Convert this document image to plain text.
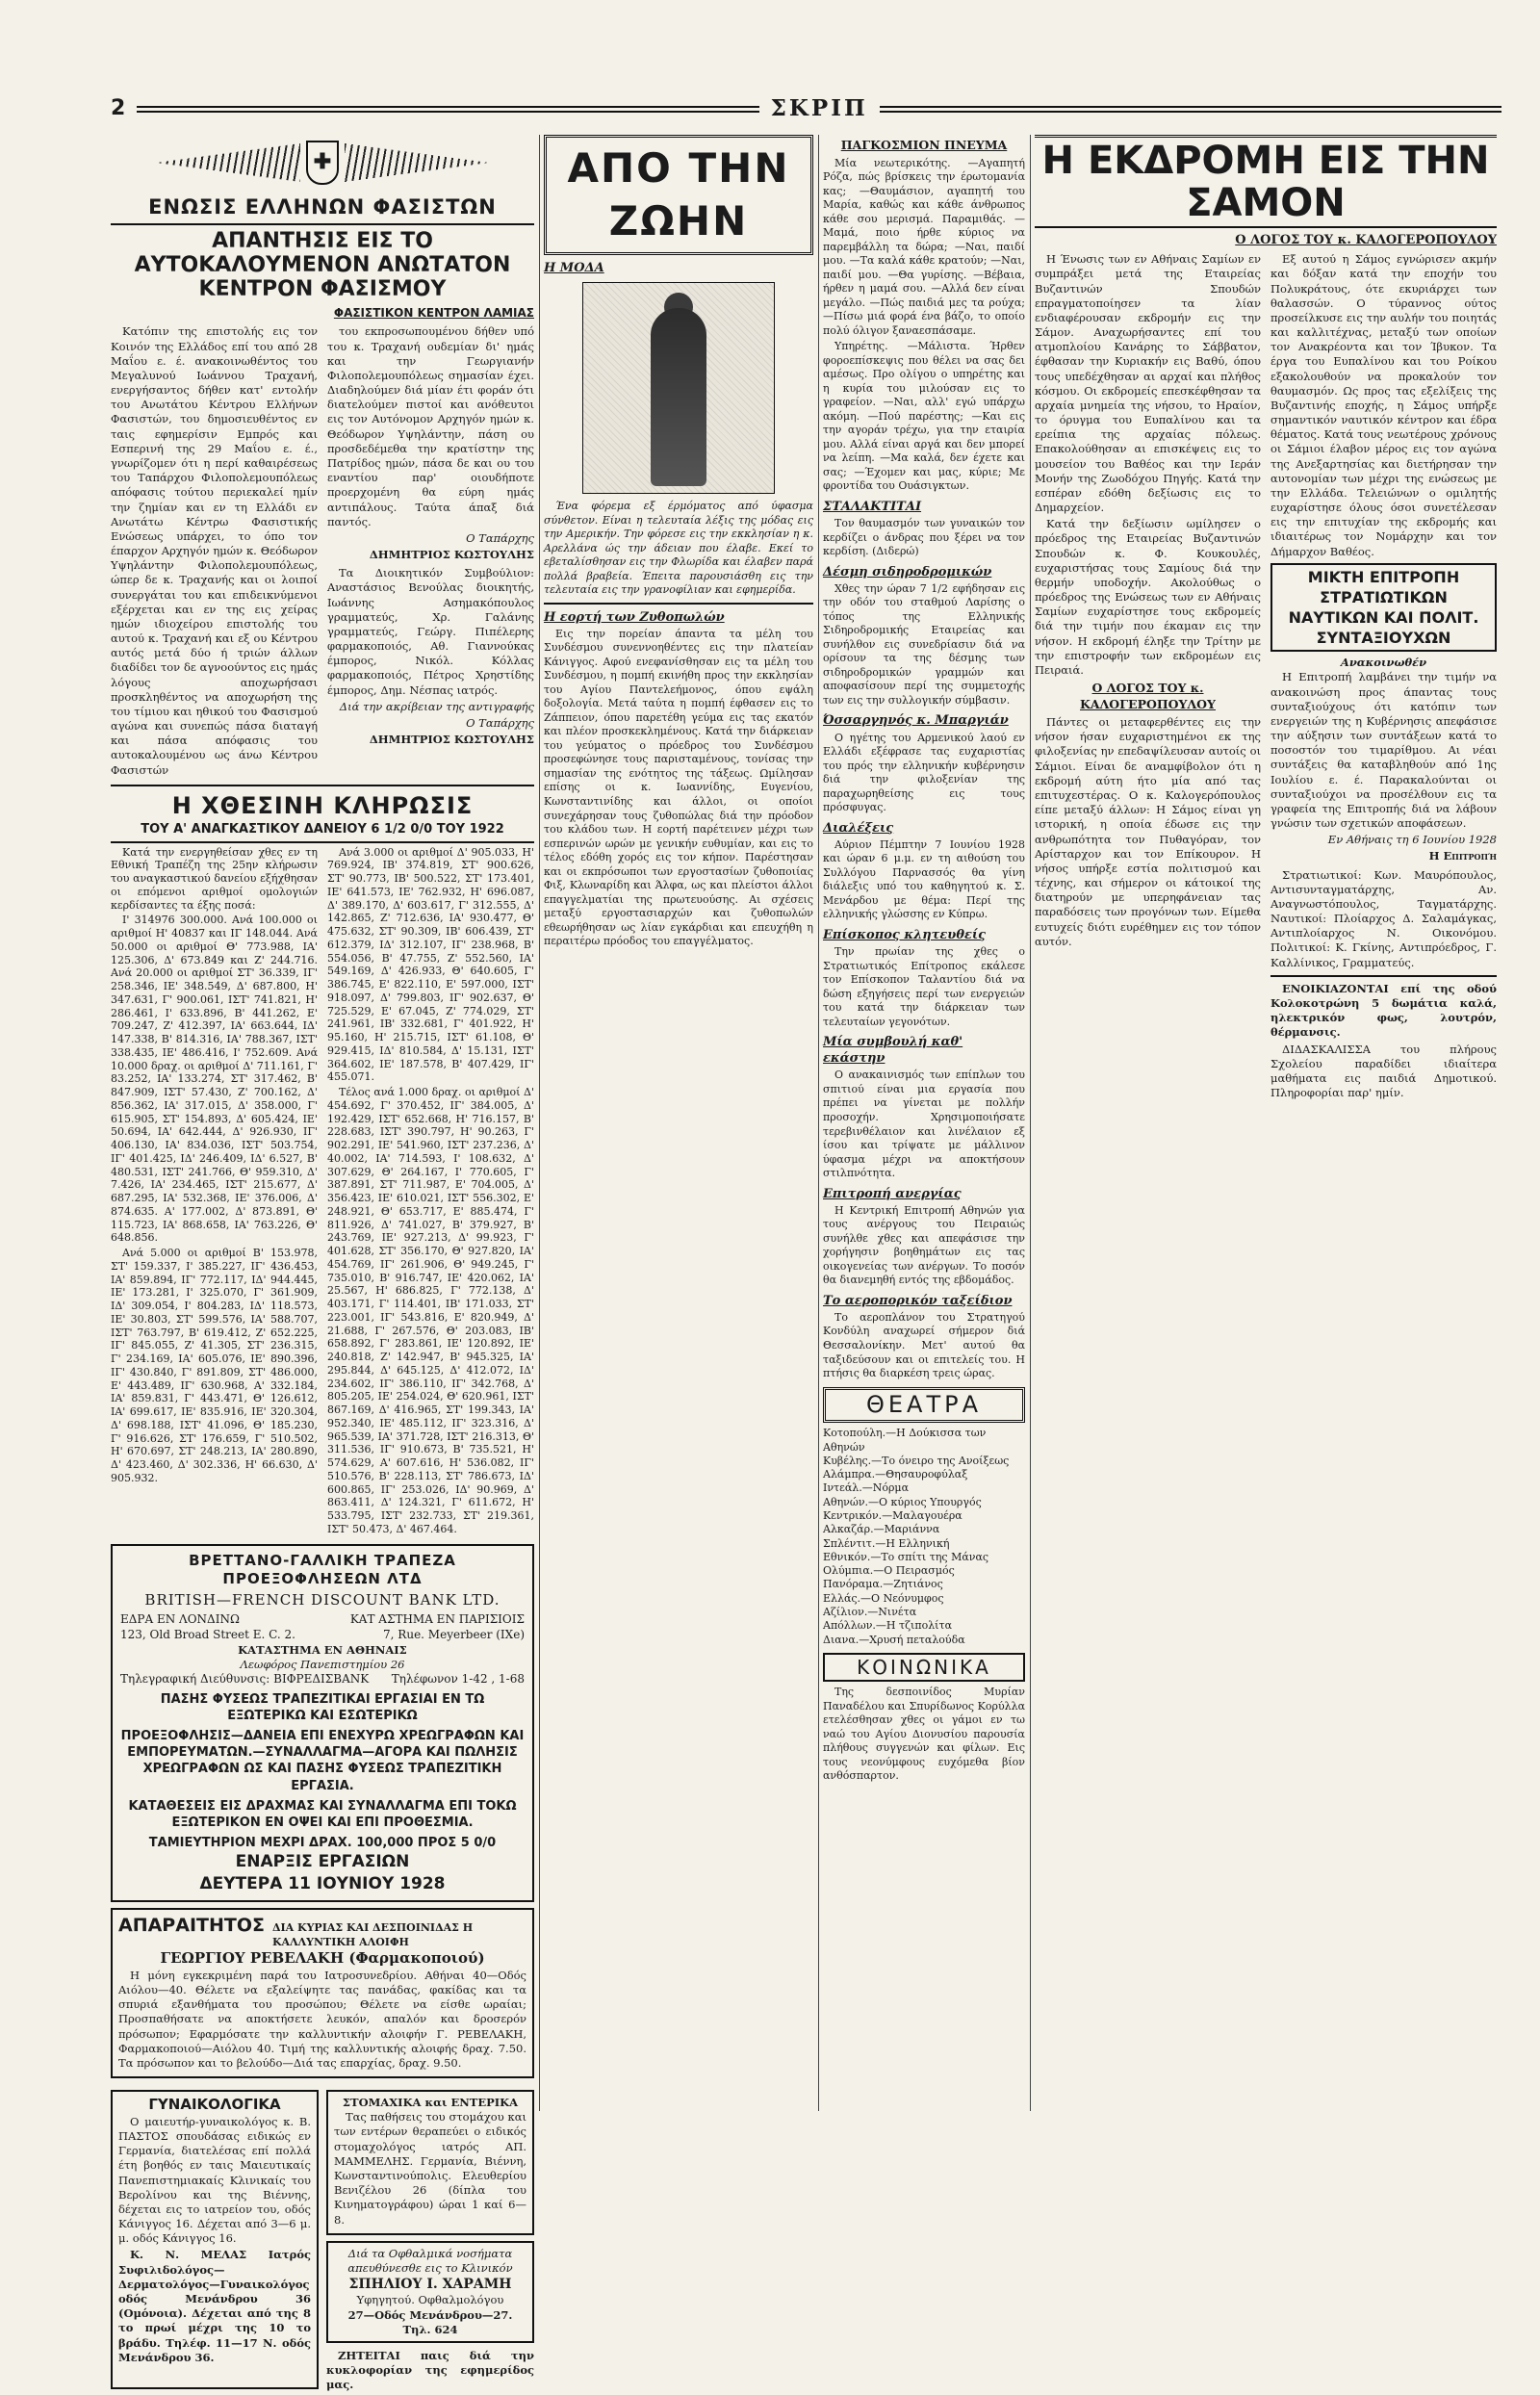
2	ΣΚΡΙΠ
✚
ΕΝΩΣΙΣ ΕΛΛΗΝΩΝ ΦΑΣΙΣΤΩΝ
ΑΠΑΝΤΗΣΙΣ ΕΙΣ ΤΟ ΑΥΤΟΚΑΛΟΥΜΕΝΟΝ ΑΝΩΤΑΤΟΝ ΚΕΝΤΡΟΝ ΦΑΣΙΣΜΟΥ
ΦΑΣΙΣΤΙΚΟΝ ΚΕΝΤΡΟΝ ΛΑΜΙΑΣ

Κατόπιν της επιστολής εις τον Κοινόν της Ελλάδος επί του από 28 Μαΐου ε. έ. ανακοινωθέντος του Μεγαλυνού Ιωάννου Τραχανή, ενεργήσαντος δήθεν κατ' εντολήν του Ανωτάτου Κέντρου Ελλήνων Φασιστών, του δημοσιευθέντος εν ταις εφημερίσιν Εμπρός και Εσπερινή της 29 Μαΐου ε. έ., γνωρίζομεν ότι η περί καθαιρέσεως του Ταπάρχου Φιλοπολεμουπόλεως απόφασις τούτου περιεκαλεί ημίν την ζημίαν και εν τη Ελλάδι εν Ανωτάτω Κέντρω Φασιστικής Ενώσεως υπάρχει, το όπο τον έπαρχον Αρχηγόν ημών κ. Θεόδωρον Υψηλάντην Φιλοπολεμουπόλεως, ώπερ δε κ. Τραχανής και οι λοιποί συνεργάται του και επιδεικνύμενοι εξέρχεται και εν της εις χείρας ημών ιδιοχείρου επιστολής του αυτού κ. Τραχανή και εξ ου Κέντρου αυτός μετά δύο ή τριών άλλων διαδίδει τον δε αγνοούντος εις ημάς λόγους αποχωρήσασι προσκληθέντος να αποχωρήση της του τίμιου και ηθικού του Φασισμού αγώνα και συνεπώς πάσα διαταγή και πάσα απόφασις του αυτοκαλουμένου ως άνω Κέντρου Φασιστών

του εκπροσωπουμένου δήθεν υπό του κ. Τραχανή ουδεμίαν δι' ημάς και την Γεωργιανήν Φιλοπολεμουπόλεως σημασίαν έχει. Διαδηλούμεν διά μίαν έτι φοράν ότι διατελούμεν πιστοί και ανόθευτοι εις τον Αυτόνομον Αρχηγόν ημών κ. Θεόδωρον Υψηλάντην, πάση ου προσδεδέμεθα την κρατίστην της Πατρίδος ημών, πάσα δε και ου του εναντίου παρ' οιουδήποτε προερχομένη θα εύρη ημάς αντιπάλους. Ταύτα άπαξ διά παντός.

Ο Ταπάρχης
ΔΗΜΗΤΡΙΟΣ ΚΩΣΤΟΥΛΗΣ

Τα Διοικητικόν Συμβούλιον: Αναστάσιος Βενούλας διοικητής, Ιωάννης Ασημακόπουλος γραμματεύς, Χρ. Γαλάνης γραμματεύς, Γεώργ. Πιπέλερης φαρμακοποιός, Αθ. Γιαννούκας έμπορος, Νικόλ. Κόλλας φαρμακοποιός, Πέτρος Χρηστίδης έμπορος, Δημ. Νέσπας ιατρός.

Διά την ακρίβειαν της αντιγραφής
Ο Ταπάρχης
ΔΗΜΗΤΡΙΟΣ ΚΩΣΤΟΥΛΗΣ
Η ΧΘΕΣΙΝΗ ΚΛΗΡΩΣΙΣ
ΤΟΥ Α' ΑΝΑΓΚΑΣΤΙΚΟΥ ΔΑΝΕΙΟΥ 6 1/2 0/0 ΤΟΥ 1922

Κατά την ενεργηθείσαν χθες εν τη Εθνική Τραπέζη της 25ην κλήρωσιν του αναγκαστικού δανείου εξήχθησαν οι επόμενοι αριθμοί ομολογιών κερδίσαντες τα έξης ποσά:

Ι' 314976 300.000. Ανά 100.000 οι αριθμοί Η' 40837 και ΙΓ 148.044. Ανά 50.000 οι αριθμοί Θ' 773.988, ΙΑ' 125.306, Δ' 673.849 και Ζ' 244.716. Ανά 20.000 οι αριθμοί ΣΤ' 36.339, ΙΓ' 258.346, ΙΕ' 348.549, Δ' 687.800, Η' 347.631, Γ' 900.061, ΙΣΤ' 741.821, Η' 286.461, Ι' 633.896, Β' 441.262, Ε' 709.247, Ζ' 412.397, ΙΑ' 663.644, ΙΔ' 147.338, Β' 814.316, ΙΑ' 788.367, ΙΣΤ' 338.435, ΙΕ' 486.416, Ι' 752.609. Ανά 10.000 δραχ. οι αριθμοί Δ' 711.161, Γ' 83.252, ΙΑ' 133.274, ΣΤ' 317.462, Β' 847.909, ΙΣΤ' 57.430, Ζ' 700.162, Δ' 856.362, ΙΑ' 317.015, Δ' 358.000, Γ' 615.905, ΣΤ' 154.893, Δ' 605.424, ΙΕ' 50.694, ΙΑ' 642.444, Δ' 926.930, ΙΓ' 406.130, ΙΑ' 834.036, ΙΣΤ' 503.754, ΙΓ' 401.425, ΙΔ' 246.409, ΙΔ' 6.527, Β' 480.531, ΙΣΤ' 241.766, Θ' 959.310, Δ' 7.426, ΙΑ' 234.465, ΙΣΤ' 215.677, Δ' 687.295, ΙΑ' 532.368, ΙΕ' 376.006, Δ' 874.635. Α' 177.002, Δ' 873.891, Θ' 115.723, ΙΑ' 868.658, ΙΑ' 763.226, Θ' 648.856.

Ανά 5.000 οι αριθμοί Β' 153.978, ΣΤ' 159.337, Ι' 385.227, ΙΓ' 436.453, ΙΑ' 859.894, ΙΓ' 772.117, ΙΔ' 944.445, ΙΕ' 173.281, Ι' 325.070, Γ' 361.909, ΙΔ' 309.054, Ι' 804.283, ΙΔ' 118.573, ΙΕ' 30.803, ΣΤ' 599.576, ΙΑ' 588.707, ΙΣΤ' 763.797, Β' 619.412, Ζ' 652.225, ΙΓ' 845.055, Ζ' 41.305, ΣΤ' 236.315, Γ' 234.169, ΙΑ' 605.076, ΙΕ' 890.396, ΙΓ' 430.840, Γ' 891.809, ΣΤ' 486.000, Ε' 443.489, ΙΓ' 630.968, Α' 332.184, ΙΑ' 859.831, Γ' 443.471, Θ' 126.612, ΙΑ' 699.617, ΙΕ' 835.916, ΙΕ' 320.304, Δ' 698.188, ΙΣΤ' 41.096, Θ' 185.230, Γ' 916.626, ΣΤ' 176.659, Γ' 510.502, Η' 670.697, ΣΤ' 248.213, ΙΑ' 280.890, Δ' 423.460, Δ' 302.336, Η' 66.630, Δ' 905.932.

Ανά 3.000 οι αριθμοί Δ' 905.033, Η' 769.924, ΙΒ' 374.819, ΣΤ' 900.626, ΣΤ' 90.773, ΙΒ' 500.522, ΣΤ' 173.401, ΙΕ' 641.573, ΙΕ' 762.932, Η' 696.087, Δ' 389.170, Δ' 603.617, Γ' 312.555, Δ' 142.865, Ζ' 712.636, ΙΑ' 930.477, Θ' 475.632, ΣΤ' 90.309, ΙΒ' 606.439, ΣΤ' 612.379, ΙΔ' 312.107, ΙΓ' 238.968, Β' 554.056, Β' 47.755, Ζ' 552.560, ΙΑ' 549.169, Δ' 426.933, Θ' 640.605, Γ' 386.745, Ε' 822.110, Ε' 597.000, ΙΣΤ' 918.097, Δ' 799.803, ΙΓ' 902.637, Θ' 725.529, Ε' 67.045, Ζ' 774.029, ΣΤ' 241.961, ΙΒ' 332.681, Γ' 401.922, Η' 95.160, Η' 215.715, ΙΣΤ' 61.108, Θ' 929.415, ΙΔ' 810.584, Δ' 15.131, ΙΣΤ' 364.602, ΙΕ' 187.578, Β' 407.429, ΙΓ' 455.071.

Τέλος ανά 1.000 δραχ. οι αριθμοί Δ' 454.692, Γ' 370.452, ΙΓ' 384.005, Δ' 192.429, ΙΣΤ' 652.668, Η' 716.157, Β' 228.683, ΙΣΤ' 390.797, Η' 90.263, Γ' 902.291, ΙΕ' 541.960, ΙΣΤ' 237.236, Δ' 40.002, ΙΑ' 714.593, Ι' 108.632, Δ' 307.629, Θ' 264.167, Ι' 770.605, Γ' 387.891, ΣΤ' 711.987, Ε' 704.005, Δ' 356.423, ΙΕ' 610.021, ΙΣΤ' 556.302, Ε' 248.921, Θ' 653.717, Ε' 885.474, Γ' 811.926, Δ' 741.027, Β' 379.927, Β' 243.769, ΙΕ' 927.213, Δ' 99.923, Γ' 401.628, ΣΤ' 356.170, Θ' 927.820, ΙΑ' 454.769, ΙΓ' 261.906, Θ' 949.245, Γ' 735.010, Β' 916.747, ΙΕ' 420.062, ΙΑ' 25.567, Η' 686.825, Γ' 772.138, Δ' 403.171, Γ' 114.401, ΙΒ' 171.033, ΣΤ' 223.001, ΙΓ' 543.816, Ε' 820.949, Δ' 21.688, Γ' 267.576, Θ' 203.083, ΙΒ' 658.892, Γ' 283.861, ΙΕ' 120.892, ΙΕ' 240.818, Ζ' 142.947, Β' 945.325, ΙΑ' 295.844, Δ' 645.125, Δ' 412.072, ΙΔ' 234.602, ΙΓ' 386.110, ΙΓ' 342.768, Δ' 805.205, ΙΕ' 254.024, Θ' 620.961, ΙΣΤ' 867.169, Δ' 416.965, ΣΤ' 199.343, ΙΑ' 952.340, ΙΕ' 485.112, ΙΓ' 323.316, Δ' 965.539, ΙΑ' 371.728, ΙΣΤ' 216.313, Θ' 311.536, ΙΓ' 910.673, Β' 735.521, Η' 574.629, Α' 607.616, Η' 536.082, ΙΓ' 510.576, Β' 228.113, ΣΤ' 786.673, ΙΔ' 600.865, ΙΓ' 253.026, ΙΔ' 90.969, Δ' 863.411, Δ' 124.321, Γ' 611.672, Η' 533.795, ΙΣΤ' 232.733, ΣΤ' 219.361, ΙΣΤ' 50.473, Δ' 467.464.

ΒΡΕΤΤΑΝΟ-ΓΑΛΛΙΚΗ ΤΡΑΠΕΖΑ ΠΡΟΕΞΟΦΛΗΣΕΩΝ ΛΤΔ
BRITISH—FRENCH DISCOUNT BANK LTD.
ΕΔΡΑ ΕΝ ΛΟΝΔΙΝΩ	ΚΑΤ ΑΣΤΗΜΑ ΕΝ ΠΑΡΙΣΙΟΙΣ
123, Old Broad Street E. C. 2.	7, Rue. Meyerbeer (IXe)
ΚΑΤΑΣΤΗΜΑ ΕΝ ΑΘΗΝΑΙΣ
Λεωφόρος Πανεπιστημίου 26
Τηλεγραφική Διεύθυνσις: ΒΙΦΡΕΔΙΣΒΑΝΚ Τηλέφωνον 1-42 , 1-68
ΠΑΣΗΣ ΦΥΣΕΩΣ ΤΡΑΠΕΖΙΤΙΚΑΙ ΕΡΓΑΣΙΑΙ ΕΝ ΤΩ ΕΞΩΤΕΡΙΚΩ ΚΑΙ ΕΣΩΤΕΡΙΚΩ
ΠΡΟΕΞΟΦΛΗΣΙΣ—ΔΑΝΕΙΑ ΕΠΙ ΕΝΕΧΥΡΩ ΧΡΕΩΓΡΑΦΩΝ ΚΑΙ ΕΜΠΟΡΕΥΜΑΤΩΝ.—ΣΥΝΑΛΛΑΓΜΑ—ΑΓΟΡΑ ΚΑΙ ΠΩΛΗΣΙΣ ΧΡΕΩΓΡΑΦΩΝ ΩΣ ΚΑΙ ΠΑΣΗΣ ΦΥΣΕΩΣ ΤΡΑΠΕΖΙΤΙΚΗ ΕΡΓΑΣΙΑ.
ΚΑΤΑΘΕΣΕΙΣ ΕΙΣ ΔΡΑΧΜΑΣ ΚΑΙ ΣΥΝΑΛΛΑΓΜΑ ΕΠΙ ΤΟΚΩ ΕΞΩΤΕΡΙΚΟΝ ΕΝ ΟΨΕΙ ΚΑΙ ΕΠΙ ΠΡΟΘΕΣΜΙΑ.
ΤΑΜΙΕΥΤΗΡΙΟΝ ΜΕΧΡΙ ΔΡΑΧ. 100,000 ΠΡΟΣ 5 0/0
ΕΝΑΡΞΙΣ ΕΡΓΑΣΙΩΝ
ΔΕΥΤΕΡΑ 11 ΙΟΥΝΙΟΥ 1928
ΑΠΑΡΑΙΤΗΤΟΣ ΔΙΑ ΚΥΡΙΑΣ ΚΑΙ ΔΕΣΠΟΙΝΙΔΑΣ Η ΚΑΛΛΥΝΤΙΚΗ ΑΛΟΙΦΗ
ΓΕΩΡΓΙΟΥ ΡΕΒΕΛΑΚΗ (Φαρμακοποιού)

Η μόνη εγκεκριμένη παρά του Ιατροσυνεδρίου. Αθήναι 40—Οδός Αιόλου—40. Θέλετε να εξαλείψητε τας πανάδας, φακίδας και τα σπυριά εξανθήματα του προσώπου; Θέλετε να είσθε ωραίαι; Προσπαθήσατε να αποκτήσετε λευκόν, απαλόν και δροσερόν πρόσωπον; Εφαρμόσατε την καλλυντικήν αλοιφήν Γ. ΡΕΒΕΛΑΚΗ, Φαρμακοποιού—Αιόλου 40. Τιμή της καλλυντικής αλοιφής δραχ. 7.50. Τα πρόσωπον και το βελούδο—Διά τας επαρχίας, δραχ. 9.50.

ΓΥΝΑΙΚΟΛΟΓΙΚΑ

Ο μαιευτήρ-γυναικολόγος κ. Β. ΠΑΣΤΟΣ σπουδάσας ειδικώς εν Γερμανία, διατελέσας επί πολλά έτη βοηθός εν ταις Μαιευτικαίς Πανεπιστημιακαίς Κλινικαίς του Βερολίνου και της Βιέννης, δέχεται εις το ιατρείον του, οδός Κάνιγγος 16. Δέχεται από 3—6 μ. μ. οδός Κάνιγγος 16.

Κ. Ν. ΜΕΛΑΣ Ιατρός Συφιλιδολόγος—Δερματολόγος—Γυναικολόγος οδός Μενάνδρου 36 (Ομόνοια). Δέχεται από της 8 το πρωί μέχρι της 10 το βράδυ. Τηλέφ. 11—17 Ν. οδός Μενάνδρου 36.

ΣΤΟΜΑΧΙΚΑ και ΕΝΤΕΡΙΚΑ

Τας παθήσεις του στομάχου και των εντέρων θεραπεύει ο ειδικός στομαχολόγος ιατρός ΑΠ. ΜΑΜΜΕΛΗΣ. Γερμανία, Βιέννη, Κωνσταντινούπολις. Ελευθερίου Βενιζέλου 26 (δίπλα του Κινηματογράφου) ώραι 1 καί 6—8.

Διά τα Οφθαλμικά νοσήματα απευθύνεσθε εις το Κλινικόν
ΣΠΗΛΙΟΥ Ι. ΧΑΡΑΜΗ
Υφηγητού. Οφθαλμολόγου
27—Οδός Μενάνδρου—27. Τηλ. 624

ΖΗΤΕΙΤΑΙ παις διά την κυκλοφορίαν της εφημερίδος μας.

ΑΠΟ ΤΗΝ ΖΩΗΝ
Η ΜΟΔΑ

Ένα φόρεμα εξ έρμόματος από ύφασμα σύνθετον. Είναι η τελευταία λέξις της μόδας εις την Αμερικήν. Την φόρεσε εις την εκκλησίαν η κ. Αρελλάνα ώς την άδειαν που έλαβε. Εκεί το εβεταλίσθησαν εις την Φλωρίδα και έλαβεν παρά πολλά βραβεία. Έπειτα παρουσιάσθη εις την τελευταία εις την γρανοφίλιαν και εφημερίδα.

Η εορτή των Ζυθοπωλών

Εις την πορείαν άπαντα τα μέλη του Συνδέσμου συνεννοηθέντες εις την πλατείαν Κάνιγγος. Αφού ενεφανίσθησαν εις τα μέλη του Συνδέσμου, η πομπή εκινήθη προς την εκκλησίαν του Αγίου Παντελεήμονος, όπου εψάλη δοξολογία. Μετά ταύτα η πομπή έφθασεν εις το Ζάππειον, όπου παρετέθη γεύμα εις τας εκατόν και πλέον προσκεκλημένους. Κατά την διάρκειαν του γεύματος ο πρόεδρος του Συνδέσμου προσεφώνησε τους παρισταμένους, τονίσας την σημασίαν της ενότητος της τάξεως. Ωμίλησαν επίσης οι κ. Ιωαννίδης, Ευγενίου, Κωνσταντινίδης και άλλοι, οι οποίοι συνεχάρησαν τους ζυθοπώλας διά την πρόοδον του κλάδου των. Η εορτή παρέτεινεν μέχρι των εσπερινών ωρών με γενικήν ευθυμίαν, και εις το τέλος εδόθη χορός εις τον κήπον. Παρέστησαν και οι εκπρόσωποι των εργοστασίων ζυθοποιίας Φιξ, Κλωναρίδη και Άλφα, ως και πλείστοι άλλοι επαγγελματίαι της πρωτευούσης. Αι σχέσεις μεταξύ εργοστασιαρχών και ζυθοπωλών εθεωρήθησαν ως λίαν εγκάρδιαι και επευχήθη η περαιτέρω πρόοδος του επαγγέλματος.

ΠΑΓΚΟΣΜΙΟΝ ΠΝΕΥΜΑ

Μία νεωτερικότης. —Αγαπητή Ρόζα, πώς βρίσκεις την έρωτομανία κας; —Θαυμάσιον, αγαπητή του Μαρία, καθώς και κάθε άνθρωπος κάθε σου μερισμά. Παραμιθάς. —Μαμά, ποιο ήρθε κύριος να παρεμβάλλη τα δώρα; —Ναι, παιδί μου. —Τα καλά κάθε κρατούν; —Ναι, παιδί μου. —Θα γυρίσης. —Βέβαια, ήρθεν η μαμά σου. —Αλλά δεν είναι μεγάλο. —Πώς παιδιά μες τα ρούχα; —Πίσω μιά φορά ένα βάζο, το οποίο πολύ όλιγον ξαναεσπάσαμε.

Υπηρέτης. —Μάλιστα. Ήρθεν φοροεπίσκεψις που θέλει να σας δει αμέσως. Προ ολίγου ο υπηρέτης και η κυρία του μιλούσαν εις το γραφείον. —Ναι, αλλ' εγώ υπάρχω ακόμη. —Πού παρέστης; —Και εις την αγοράν τρέχω, για την εταιρία μου. Αλλά είναι αργά και δεν μπορεί να λείπη. —Μα καλά, δεν έχετε και σας; —Έχομεν και μας, κύριε; Με φροντίδα του Ουάσιγκτων.

ΣΤΑΛΑΚΤΙΤΑΙ

Τον θαυμασμόν των γυναικών τον κερδίζει ο άνδρας που ξέρει να τον κερδίση. (Διδερώ)

Δέσμη σιδηροδρομικών

Χθες την ώραν 7 1/2 εφήδησαν εις την οδόν του σταθμού Λαρίσης ο τόπος της Ελληνικής Σιδηροδρομικής Εταιρείας και συνήλθον εις συνεδρίασιν διά να ορίσουν τα της δέσμης των σιδηροδρομικών γραμμών και αποφασίσουν περί της συμμετοχής των εις την συλλογικήν σύμβασιν.

Όσσαργηνός κ. Μπαργιάν

Ο ηγέτης του Αρμενικού λαού εν Ελλάδι εξέφρασε τας ευχαριστίας του πρός την ελληνικήν κυβέρνησιν διά την φιλοξενίαν της παραχωρηθείσης εις τους πρόσφυγας.

Διαλέξεις

Αύριον Πέμπτην 7 Ιουνίου 1928 και ώραν 6 μ.μ. εν τη αιθούση του Συλλόγου Παρνασσός θα γίνη διάλεξις υπό του καθηγητού κ. Σ. Μενάρδου με θέμα: Περί της ελληνικής γλώσσης εν Κύπρω.

Επίσκοπος κλητευθείς

Την πρωίαν της χθες ο Στρατιωτικός Επίτροπος εκάλεσε τον Επίσκοπον Ταλαντίου διά να δώση εξηγήσεις περί των ενεργειών του κατά την διάρκειαν των τελευταίων γεγονότων.

Μία συμβουλή καθ' εκάστην

Ο ανακαινισμός των επίπλων του σπιτιού είναι μια εργασία που πρέπει να γίνεται με πολλήν προσοχήν. Χρησιμοποιήσατε τερεβινθέλαιον και λινέλαιον εξ ίσου και τρίψατε με μάλλινον ύφασμα μέχρι να αποκτήσουν στιλπνότητα.

Επιτροπή ανεργίας

Η Κεντρική Επιτροπή Αθηνών για τους ανέργους του Πειραιώς συνήλθε χθες και απεφάσισε την χορήγησιν βοηθημάτων εις τας οικογενείας των ανέργων. Το ποσόν θα διανεμηθή εντός της εβδομάδος.

Το αεροπορικόν ταξείδιον

Το αεροπλάνον του Στρατηγού Κονδύλη αναχωρεί σήμερον διά Θεσσαλονίκην. Μετ' αυτού θα ταξιδεύσουν και οι επιτελείς του. Η πτήσις θα διαρκέση τρεις ώρας.

ΘΕΑΤΡΑ
Κοτοπούλη.—Η Δούκισσα των Αθηνών
Κυβέλης.—Το όνειρο της Ανοίξεως
Αλάμπρα.—Θησαυροφύλαξ
Ιντεάλ.—Νόρμα
Αθηνών.—Ο κύριος Υπουργός
Κεντρικόν.—Μαλαγουέρα
Αλκαζάρ.—Μαριάννα
Σπλέντιτ.—Η Ελληνική
Εθνικόν.—Το σπίτι της Μάνας
Ολύμπια.—Ο Πειρασμός
Πανόραμα.—Ζητιάνος
Ελλάς.—Ο Νεόνυμφος
Αζίλιον.—Νινέτα
Απόλλων.—Η τζιπολίτα
Διανα.—Χρυσή πεταλούδα
ΚΟΙΝΩΝΙΚΑ

Της δεσποινίδος Μυρίαν Παναδέλου και Σπυρίδωνος Κορύλλα ετελέσθησαν χθες οι γάμοι εν τω ναώ του Αγίου Διονυσίου παρουσία πλήθους συγγενών και φίλων. Εις τους νεονύμφους ευχόμεθα βίον ανθόσπαρτον.

Η ΕΚΔΡΟΜΗ ΕΙΣ ΤΗΝ ΣΑΜΟΝ
Ο ΛΟΓΟΣ ΤΟΥ κ. ΚΑΛΟΓΕΡΟΠΟΥΛΟΥ

Η Ένωσις των εν Αθήναις Σαμίων εν συμπράξει μετά της Εταιρείας Βυζαντινών Σπουδών επραγματοποίησεν τα λίαν ενδιαφέρουσαν εκδρομήν εις την Σάμον. Αναχωρήσαντες επί του ατμοπλοίου Κανάρης το Σάββατον, έφθασαν την Κυριακήν εις Βαθύ, όπου τους υπεδέχθησαν αι αρχαί και πλήθος κόσμου. Οι εκδρομείς επεσκέφθησαν τα αρχαία μνημεία της νήσου, το Ηραίον, το όρυγμα του Ευπαλίνου και τα ερείπια της αρχαίας πόλεως. Επακολούθησαν αι επισκέψεις εις το μουσείον του Βαθέος και την Ιεράν Μονήν της Ζωοδόχου Πηγής. Κατά την εσπέραν εδόθη δεξίωσις εις το Δημαρχείον.

Κατά την δεξίωσιν ωμίλησεν ο πρόεδρος της Εταιρείας Βυζαντινών Σπουδών κ. Φ. Κουκουλές, ευχαριστήσας τους Σαμίους διά την θερμήν υποδοχήν. Ακολούθως ο πρόεδρος της Ενώσεως των εν Αθήναις Σαμίων ευχαρίστησε τους εκδρομείς διά την τιμήν που έκαμαν εις την νήσον. Η εκδρομή έληξε την Τρίτην με την επιστροφήν των εκδρομέων εις Πειραιά.

Ο ΛΟΓΟΣ ΤΟΥ κ. ΚΑΛΟΓΕΡΟΠΟΥΛΟΥ

Πάντες οι μεταφερθέντες εις την νήσον ήσαν ευχαριστημένοι εκ της φιλοξενίας ην επεδαψίλευσαν αυτοίς οι Σάμιοι. Είναι δε αναμφίβολον ότι η εκδρομή αύτη ήτο μία από τας επιτυχεστέρας. Ο κ. Καλογερόπουλος είπε μεταξύ άλλων: Η Σάμος είναι γη ιστορική, η οποία έδωσε εις την ανθρωπότητα τον Πυθαγόραν, τον Αρίσταρχον και τον Επίκουρον. Η νήσος υπήρξε εστία πολιτισμού και τέχνης, και σήμερον οι κάτοικοί της διατηρούν με υπερηφάνειαν τας παραδόσεις των προγόνων των. Είμεθα ευτυχείς διότι ευρέθημεν εις τον τόπον αυτόν.

Εξ αυτού η Σάμος εγνώρισεν ακμήν και δόξαν κατά την εποχήν του Πολυκράτους, ότε εκυριάρχει των θαλασσών. Ο τύραννος ούτος προσείλκυσε εις την αυλήν του ποιητάς και καλλιτέχνας, μεταξύ των οποίων τον Ανακρέοντα και τον Ίβυκον. Τα έργα του Ευπαλίνου και του Ροίκου εξακολουθούν να προκαλούν τον θαυμασμόν. Ως προς τας εξελίξεις της Βυζαντινής εποχής, η Σάμος υπήρξε σημαντικόν ναυτικόν κέντρον και έδρα θέματος. Κατά τους νεωτέρους χρόνους οι Σάμιοι έλαβον μέρος εις τον αγώνα της Ανεξαρτησίας και διετήρησαν την αυτονομίαν των μέχρι της ενώσεως με την Ελλάδα. Τελειώνων ο ομιλητής ευχαρίστησε όλους όσοι συνετέλεσαν εις την επιτυχίαν της εκδρομής και ιδιαιτέρως τον Νομάρχην και τον Δήμαρχον Βαθέος.

ΜΙΚΤΗ ΕΠΙΤΡΟΠΗ ΣΤΡΑΤΙΩΤΙΚΩΝ ΝΑΥΤΙΚΩΝ ΚΑΙ ΠΟΛΙΤ. ΣΥΝΤΑΞΙΟΥΧΩΝ
Ανακοινωθέν

Η Επιτροπή λαμβάνει την τιμήν να ανακοινώση προς άπαντας τους συνταξιούχους ότι κατόπιν των ενεργειών της η Κυβέρνησις απεφάσισε την αύξησιν των συντάξεων κατά το ποσοστόν του τιμαρίθμου. Αι νέαι συντάξεις θα καταβληθούν από 1ης Ιουλίου ε. έ. Παρακαλούνται οι συνταξιούχοι να προσέλθουν εις τα γραφεία της Επιτροπής διά να λάβουν γνώσιν των σχετικών αποφάσεων.

Εν Αθήναις τη 6 Ιουνίου 1928
Η Επιτροπή

Στρατιωτικοί: Κων. Μαυρόπουλος, Αντισυνταγματάρχης, Αν. Αναγνωστόπουλος, Ταγματάρχης. Ναυτικοί: Πλοίαρχος Δ. Σαλαμάγκας, Αντιπλοίαρχος Ν. Οικονόμου. Πολιτικοί: Κ. Γκίνης, Αντιπρόεδρος, Γ. Καλλίνικος, Γραμματεύς.

ΕΝΟΙΚΙΑΖΟΝΤΑΙ επί της οδού Κολοκοτρώνη 5 δωμάτια καλά, ηλεκτρικόν φως, λουτρόν, θέρμανσις.

ΔΙΔΑΣΚΑΛΙΣΣΑ του πλήρους Σχολείου παραδίδει ιδιαίτερα μαθήματα εις παιδιά Δημοτικού. Πληροφορίαι παρ' ημίν.
